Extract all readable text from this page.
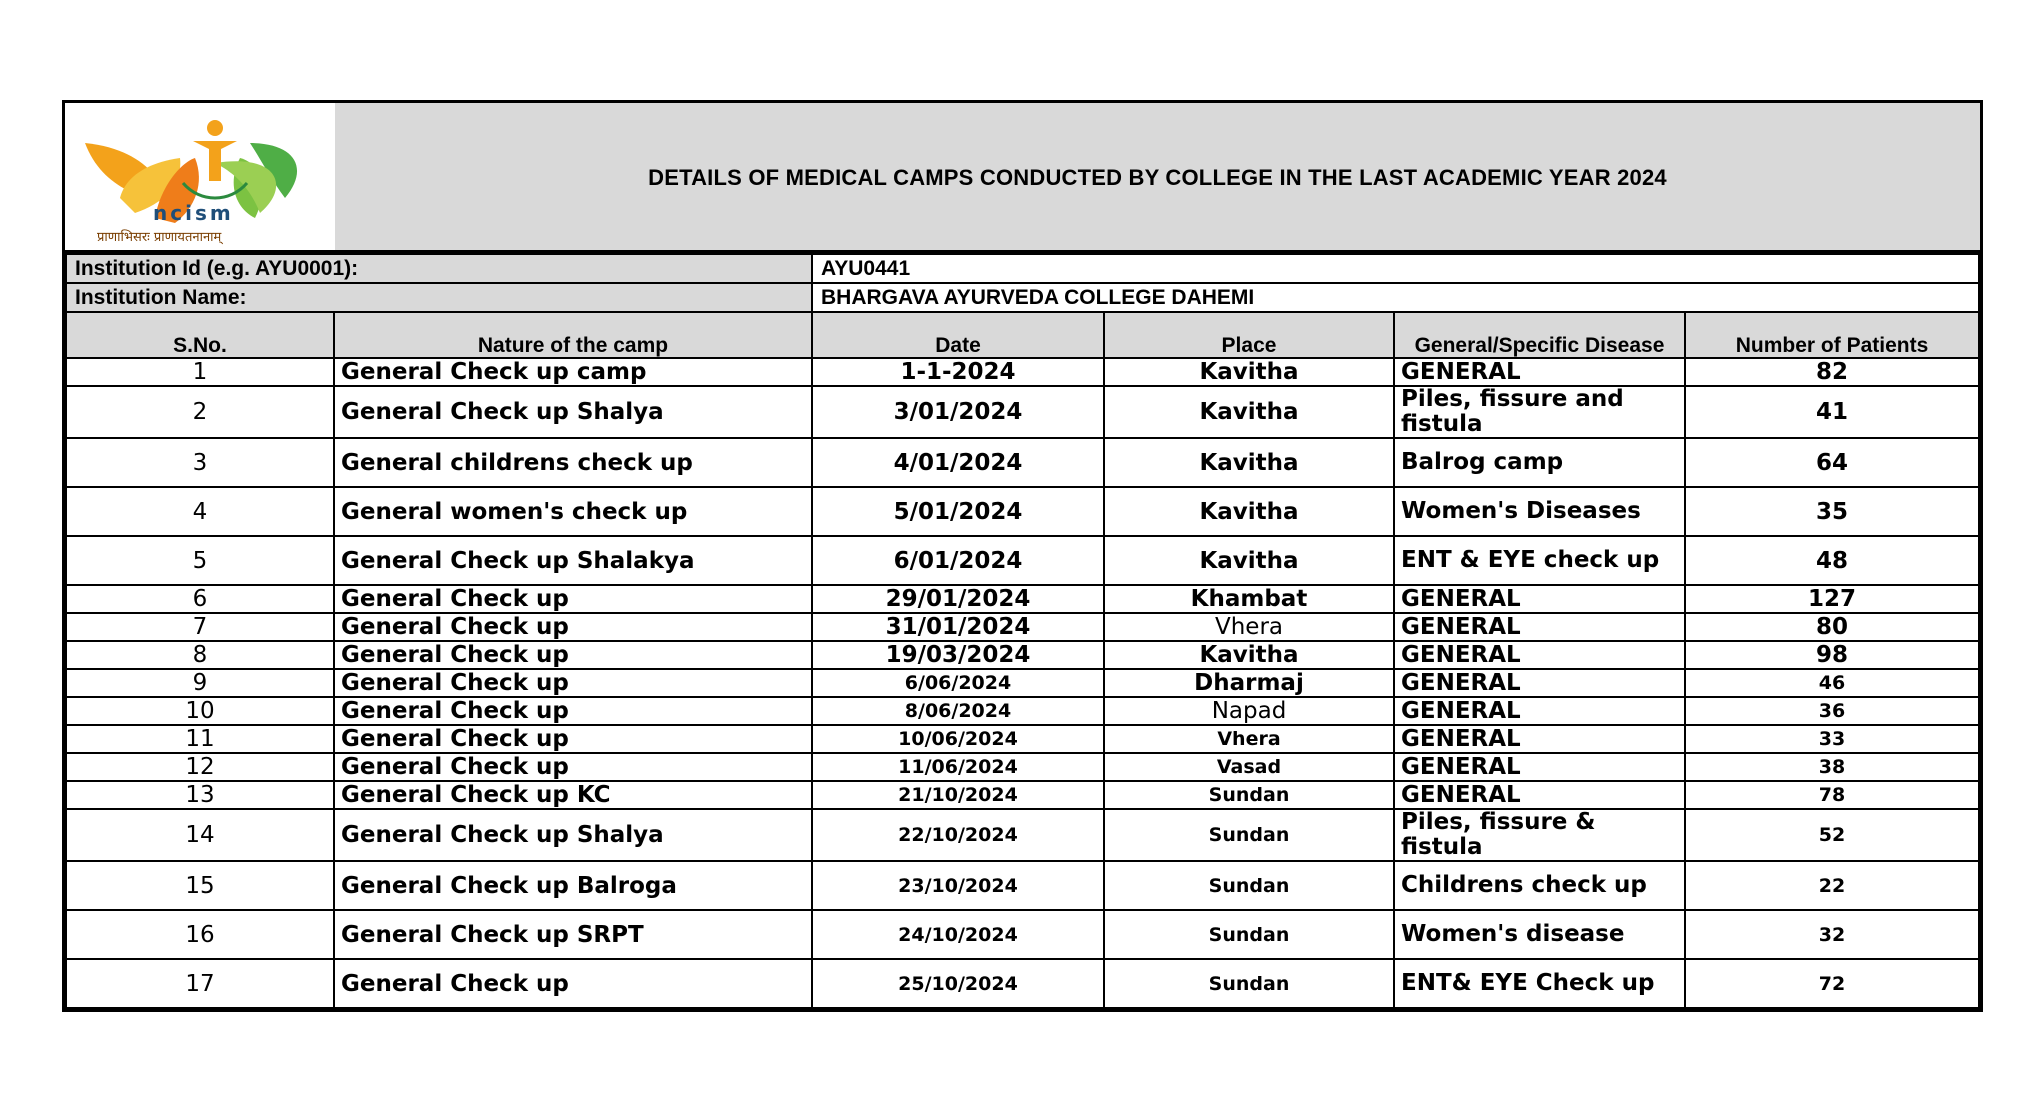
ncism
प्राणाभिसरः प्राणायतनानाम्
DETAILS OF MEDICAL CAMPS CONDUCTED BY COLLEGE IN THE LAST ACADEMIC YEAR 2024
Institution Id (e.g. AYU0001):		AYU0441			
Institution Name:		BHARGAVA AYURVEDA COLLEGE DAHEMI			
S.No.	Nature of the camp	Date	Place	General/Specific Disease	Number of Patients
1	General Check up camp	1-1-2024	Kavitha	GENERAL	82
2	General Check up Shalya	3/01/2024	Kavitha	Piles, fissure and fistula	41
3	General childrens check up	4/01/2024	Kavitha	Balrog camp	64
4	General women's check up	5/01/2024	Kavitha	Women's Diseases	35
5	General Check up Shalakya	6/01/2024	Kavitha	ENT & EYE check up	48
6	General Check up	29/01/2024	Khambat	GENERAL	127
7	General Check up	31/01/2024	Vhera	GENERAL	80
8	General Check up	19/03/2024	Kavitha	GENERAL	98
9	General Check up	6/06/2024	Dharmaj	GENERAL	46
10	General Check up	8/06/2024	Napad	GENERAL	36
11	General Check up	10/06/2024	Vhera	GENERAL	33
12	General Check up	11/06/2024	Vasad	GENERAL	38
13	General Check up KC	21/10/2024	Sundan	GENERAL	78
14	General Check up Shalya	22/10/2024	Sundan	Piles, fissure & fistula	52
15	General Check up Balroga	23/10/2024	Sundan	Childrens check up	22
16	General Check up SRPT	24/10/2024	Sundan	Women's disease	32
17	General Check up	25/10/2024	Sundan	ENT& EYE Check up	72
